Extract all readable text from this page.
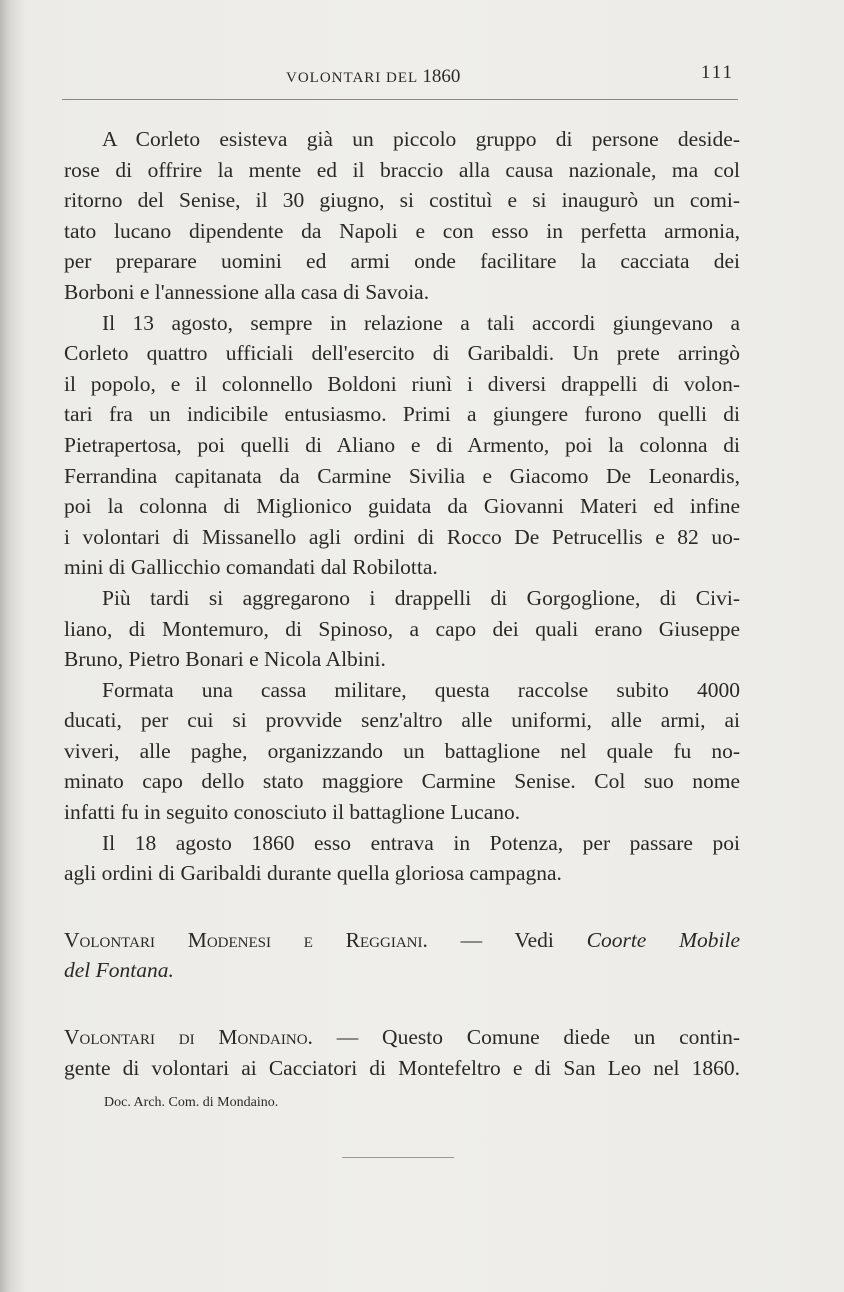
VOLONTARI DEL 1860	111
A Corleto esisteva già un piccolo gruppo di persone deside-
rose di offrire la mente ed il braccio alla causa nazionale, ma col
ritorno del Senise, il 30 giugno, si costituì e si inaugurò un comi-
tato lucano dipendente da Napoli e con esso in perfetta armonia,
per preparare uomini ed armi onde facilitare la cacciata dei
Borboni e l'annessione alla casa di Savoia.
Il 13 agosto, sempre in relazione a tali accordi giungevano a
Corleto quattro ufficiali dell'esercito di Garibaldi. Un prete arringò
il popolo, e il colonnello Boldoni riunì i diversi drappelli di volon-
tari fra un indicibile entusiasmo. Primi a giungere furono quelli di
Pietrapertosa, poi quelli di Aliano e di Armento, poi la colonna di
Ferrandina capitanata da Carmine Sivilia e Giacomo De Leonardis,
poi la colonna di Miglionico guidata da Giovanni Materi ed infine
i volontari di Missanello agli ordini di Rocco De Petrucellis e 82 uo-
mini di Gallicchio comandati dal Robilotta.
Più tardi si aggregarono i drappelli di Gorgoglione, di Civi-
liano, di Montemuro, di Spinoso, a capo dei quali erano Giuseppe
Bruno, Pietro Bonari e Nicola Albini.
Formata una cassa militare, questa raccolse subito 4000
ducati, per cui si provvide senz'altro alle uniformi, alle armi, ai
viveri, alle paghe, organizzando un battaglione nel quale fu no-
minato capo dello stato maggiore Carmine Senise. Col suo nome
infatti fu in seguito conosciuto il battaglione Lucano.
Il 18 agosto 1860 esso entrava in Potenza, per passare poi
agli ordini di Garibaldi durante quella gloriosa campagna.
Volontari Modenesi e Reggiani. — Vedi Coorte Mobile
del Fontana.
Volontari di Mondaino. — Questo Comune diede un contin-
gente di volontari ai Cacciatori di Montefeltro e di San Leo nel 1860.
Doc. Arch. Com. di Mondaino.
